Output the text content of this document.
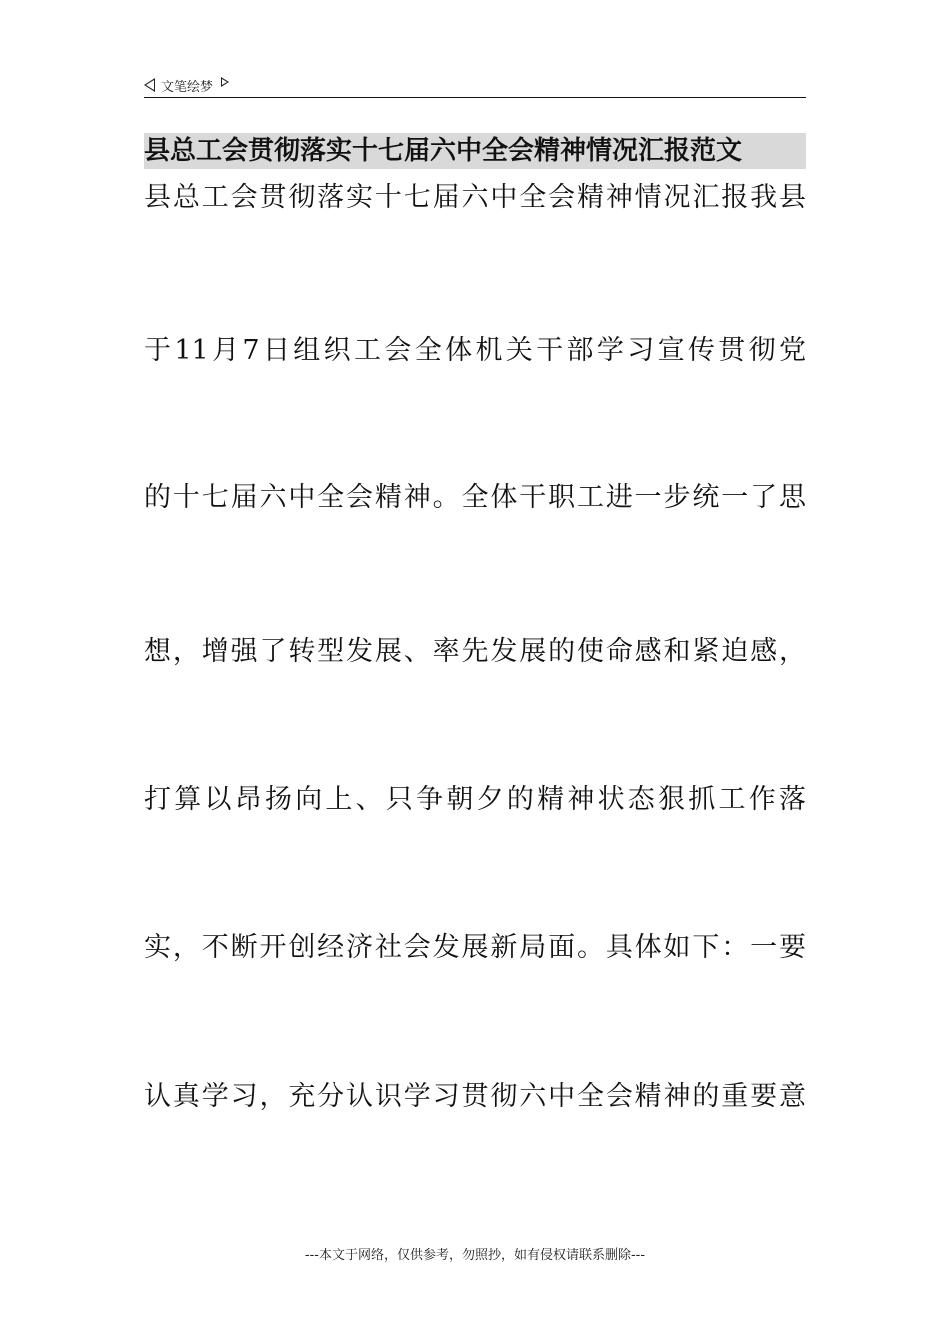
文笔绘梦
县总工会贯彻落实十七届六中全会精神情况汇报范文
县总工会贯彻落实十七届六中全会精神情况汇报我县
于11月7日组织工会全体机关干部学习宣传贯彻党
的十七届六中全会精神。全体干职工进一步统一了思
想，增强了转型发展、率先发展的使命感和紧迫感，
打算以昂扬向上、只争朝夕的精神状态狠抓工作落
实，不断开创经济社会发展新局面。具体如下：一要
认真学习，充分认识学习贯彻六中全会精神的重要意
---本文于网络，仅供参考，勿照抄，如有侵权请联系删除---
